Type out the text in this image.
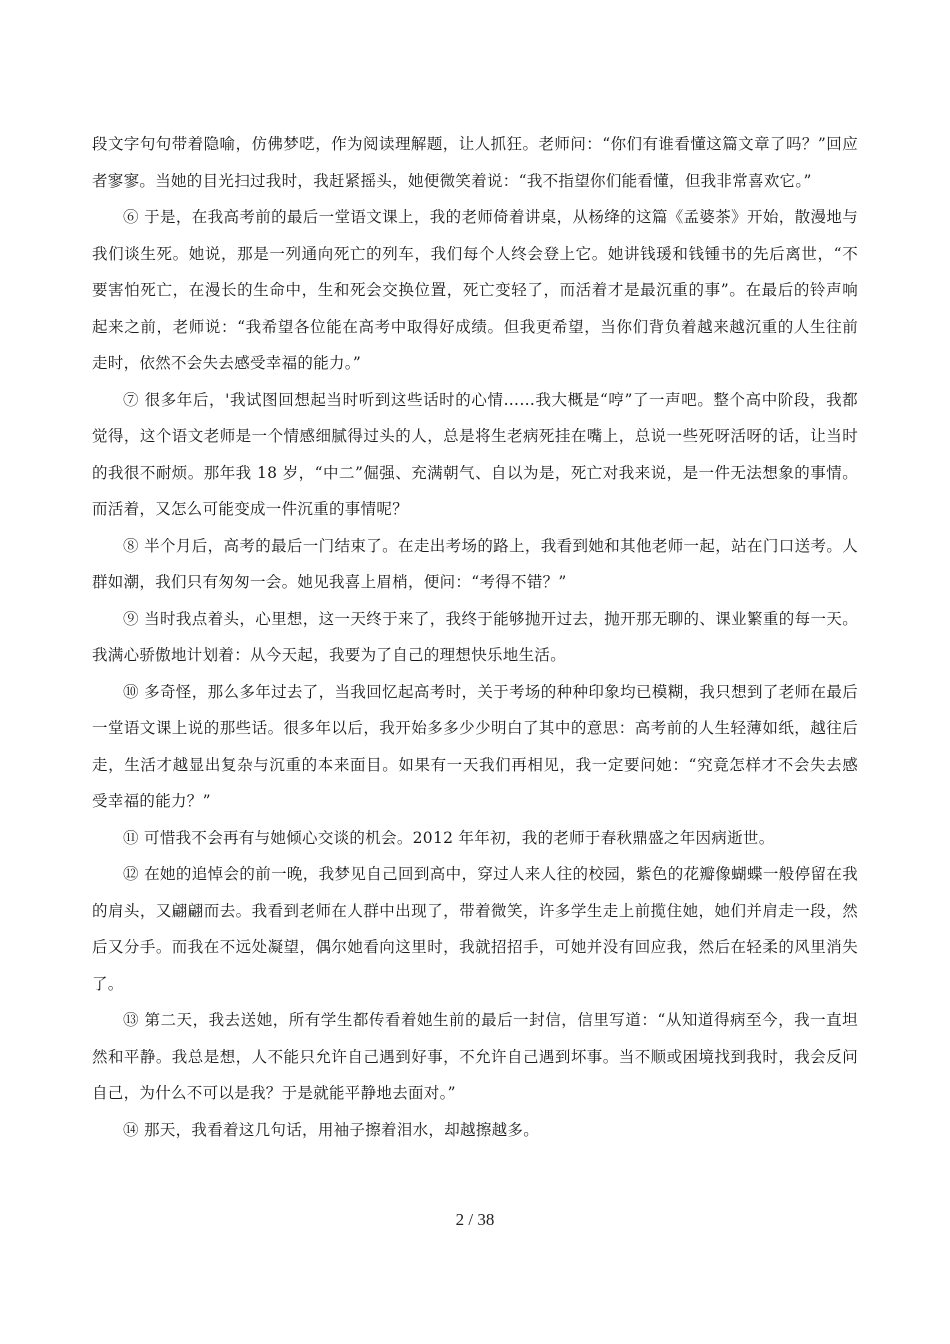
段文字句句带着隐喻，仿佛梦呓，作为阅读理解题，让人抓狂。老师问：“你们有谁看懂这篇文章了吗？”回应者寥寥。当她的目光扫过我时，我赶紧摇头，她便微笑着说：“我不指望你们能看懂，但我非常喜欢它。”

⑥ 于是，在我高考前的最后一堂语文课上，我的老师倚着讲桌，从杨绛的这篇《孟婆茶》开始，散漫地与我们谈生死。她说，那是一列通向死亡的列车，我们每个人终会登上它。她讲钱瑗和钱锺书的先后离世，“不要害怕死亡，在漫长的生命中，生和死会交换位置，死亡变轻了，而活着才是最沉重的事”。在最后的铃声响起来之前，老师说：“我希望各位能在高考中取得好成绩。但我更希望，当你们背负着越来越沉重的人生往前走时，依然不会失去感受幸福的能力。”

⑦ 很多年后，'我试图回想起当时听到这些话时的心情……我大概是“哼”了一声吧。整个高中阶段，我都觉得，这个语文老师是一个情感细腻得过头的人，总是将生老病死挂在嘴上，总说一些死呀活呀的话，让当时的我很不耐烦。那年我 18 岁，“中二”倔强、充满朝气、自以为是，死亡对我来说，是一件无法想象的事情。而活着，又怎么可能变成一件沉重的事情呢？

⑧ 半个月后，高考的最后一门结束了。在走出考场的路上，我看到她和其他老师一起，站在门口送考。人群如潮，我们只有匆匆一会。她见我喜上眉梢，便问：“考得不错？”

⑨ 当时我点着头，心里想，这一天终于来了，我终于能够抛开过去，抛开那无聊的、课业繁重的每一天。我满心骄傲地计划着：从今天起，我要为了自己的理想快乐地生活。

⑩ 多奇怪，那么多年过去了，当我回忆起高考时，关于考场的种种印象均已模糊，我只想到了老师在最后一堂语文课上说的那些话。很多年以后，我开始多多少少明白了其中的意思：高考前的人生轻薄如纸，越往后走，生活才越显出复杂与沉重的本来面目。如果有一天我们再相见，我一定要问她：“究竟怎样才不会失去感受幸福的能力？”

⑪ 可惜我不会再有与她倾心交谈的机会。2012 年年初，我的老师于春秋鼎盛之年因病逝世。

⑫ 在她的追悼会的前一晚，我梦见自己回到高中，穿过人来人往的校园，紫色的花瓣像蝴蝶一般停留在我的肩头，又翩翩而去。我看到老师在人群中出现了，带着微笑，许多学生走上前揽住她，她们并肩走一段，然后又分手。而我在不远处凝望，偶尔她看向这里时，我就招招手，可她并没有回应我，然后在轻柔的风里消失了。

⑬ 第二天，我去送她，所有学生都传看着她生前的最后一封信，信里写道：“从知道得病至今，我一直坦然和平静。我总是想，人不能只允许自己遇到好事，不允许自己遇到坏事。当不顺或困境找到我时，我会反问自己，为什么不可以是我？于是就能平静地去面对。”

⑭ 那天，我看着这几句话，用袖子擦着泪水，却越擦越多。

2 / 38
